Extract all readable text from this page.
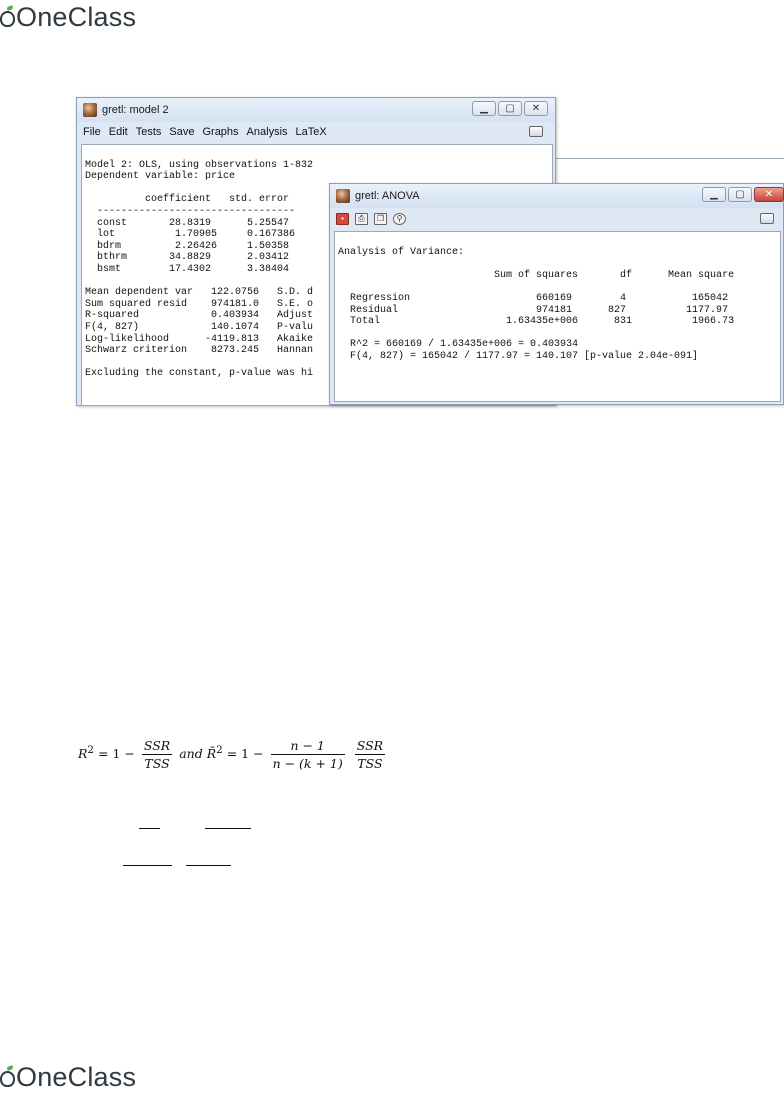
OneClass
gretl: model 2	▁	▢	✕
File Edit Tests Save Graphs Analysis LaTeX

Model 2: OLS, using observations 1-832
Dependent variable: price

coefficient   std. error
---------------------------------
const       28.8319      5.25547
lot          1.70905     0.167386
bdrm         2.26426     1.50358
bthrm       34.8829      2.03412
bsmt        17.4302      3.38404

Mean dependent var   122.0756   S.D. d
Sum squared resid    974181.0   S.E. o
R-squared            0.403934   Adjust
F(4, 827)            140.1074   P-valu
Log-likelihood      -4119.813   Akaike
Schwarz criterion    8273.245   Hannan

Excluding the constant, p-value was hi

gretl: ANOVA	▁	▢	✕
▪	⎙	❐	⚲

Analysis of Variance:

Sum of squares       df      Mean square

Regression                     660169        4           165042
Residual                       974181      827          1177.97
Total                     1.63435e+006      831          1966.73

R^2 = 660169 / 1.63435e+006 = 0.403934
F(4, 827) = 165042 / 1177.97 = 140.107 [p-value 2.04e-091]

$R^2 = 1 - \frac{\text{SSR}}{\text{TSS}}$ and R̄$^2$ = $1 - \frac{n - 1}{n - (k + 1)}$
$\frac{\text{SSR}}{\text{TSS}}$
OneClass
